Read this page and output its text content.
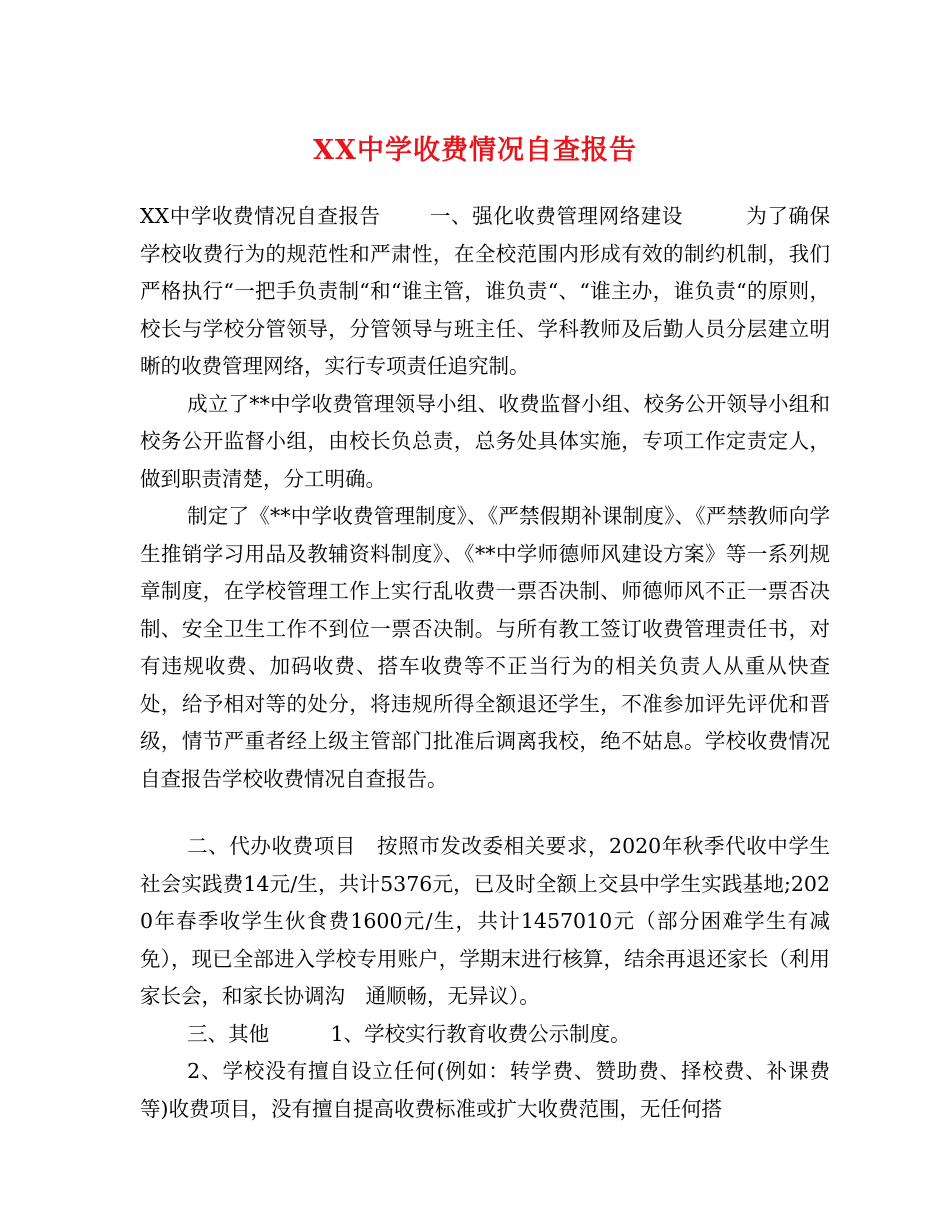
XX中学收费情况自查报告

XX中学收费情况自查报告　　 一、强化收费管理网络建设　　　为了确保学校收费行为的规范性和严肃性，在全校范围内形成有效的制约机制，我们严格执行“一把手负责制“和“谁主管，谁负责“、“谁主办，谁负责“的原则，校长与学校分管领导，分管领导与班主任、学科教师及后勤人员分层建立明晰的收费管理网络，实行专项责任追究制。

成立了**中学收费管理领导小组、收费监督小组、校务公开领导小组和校务公开监督小组，由校长负总责，总务处具体实施，专项工作定责定人，做到职责清楚，分工明确。

制定了《**中学收费管理制度》、《严禁假期补课制度》、《严禁教师向学生推销学习用品及教辅资料制度》、《**中学师德师风建设方案》等一系列规章制度，在学校管理工作上实行乱收费一票否决制、师德师风不正一票否决制、安全卫生工作不到位一票否决制。与所有教工签订收费管理责任书，对有违规收费、加码收费、搭车收费等不正当行为的相关负责人从重从快查处，给予相对等的处分，将违规所得全额退还学生，不准参加评先评优和晋级，情节严重者经上级主管部门批准后调离我校，绝不姑息。学校收费情况自查报告学校收费情况自查报告。

二、代办收费项目　按照市发改委相关要求，2020年秋季代收中学生社会实践费14元/生，共计5376元，已及时全额上交县中学生实践基地;2020年春季收学生伙食费1600元/生，共计1457010元（部分困难学生有减免），现已全部进入学校专用账户，学期末进行核算，结余再退还家长（利用家长会，和家长协调沟　通顺畅，无异议）。

三、其他　　　1、学校实行教育收费公示制度。

2、学校没有擅自设立任何(例如：转学费、赞助费、择校费、补课费等)收费项目，没有擅自提高收费标准或扩大收费范围，无任何搭
